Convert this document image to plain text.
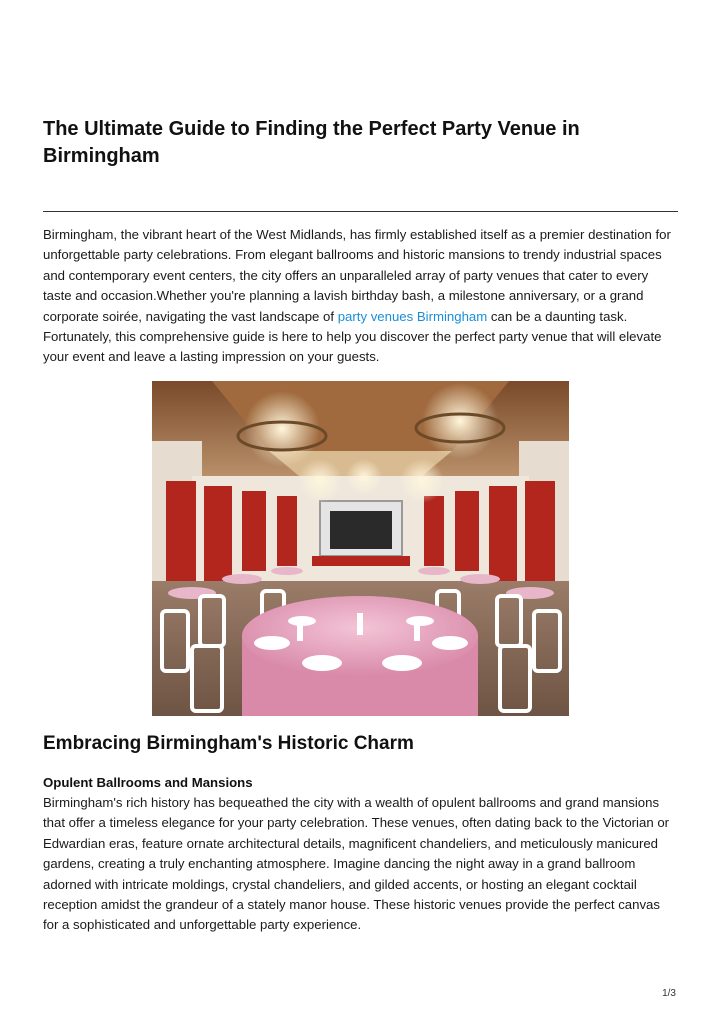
The Ultimate Guide to Finding the Perfect Party Venue in Birmingham

Birmingham, the vibrant heart of the West Midlands, has firmly established itself as a premier destination for unforgettable party celebrations. From elegant ballrooms and historic mansions to trendy industrial spaces and contemporary event centers, the city offers an unparalleled array of party venues that cater to every taste and occasion.Whether you're planning a lavish birthday bash, a milestone anniversary, or a grand corporate soirée, navigating the vast landscape of party venues Birmingham can be a daunting task. Fortunately, this comprehensive guide is here to help you discover the perfect party venue that will elevate your event and leave a lasting impression on your guests.

Embracing Birmingham's Historic Charm
Opulent Ballrooms and Mansions

Birmingham's rich history has bequeathed the city with a wealth of opulent ballrooms and grand mansions that offer a timeless elegance for your party celebration. These venues, often dating back to the Victorian or Edwardian eras, feature ornate architectural details, magnificent chandeliers, and meticulously manicured gardens, creating a truly enchanting atmosphere. Imagine dancing the night away in a grand ballroom adorned with intricate moldings, crystal chandeliers, and gilded accents, or hosting an elegant cocktail reception amidst the grandeur of a stately manor house. These historic venues provide the perfect canvas for a sophisticated and unforgettable party experience.

1/3
